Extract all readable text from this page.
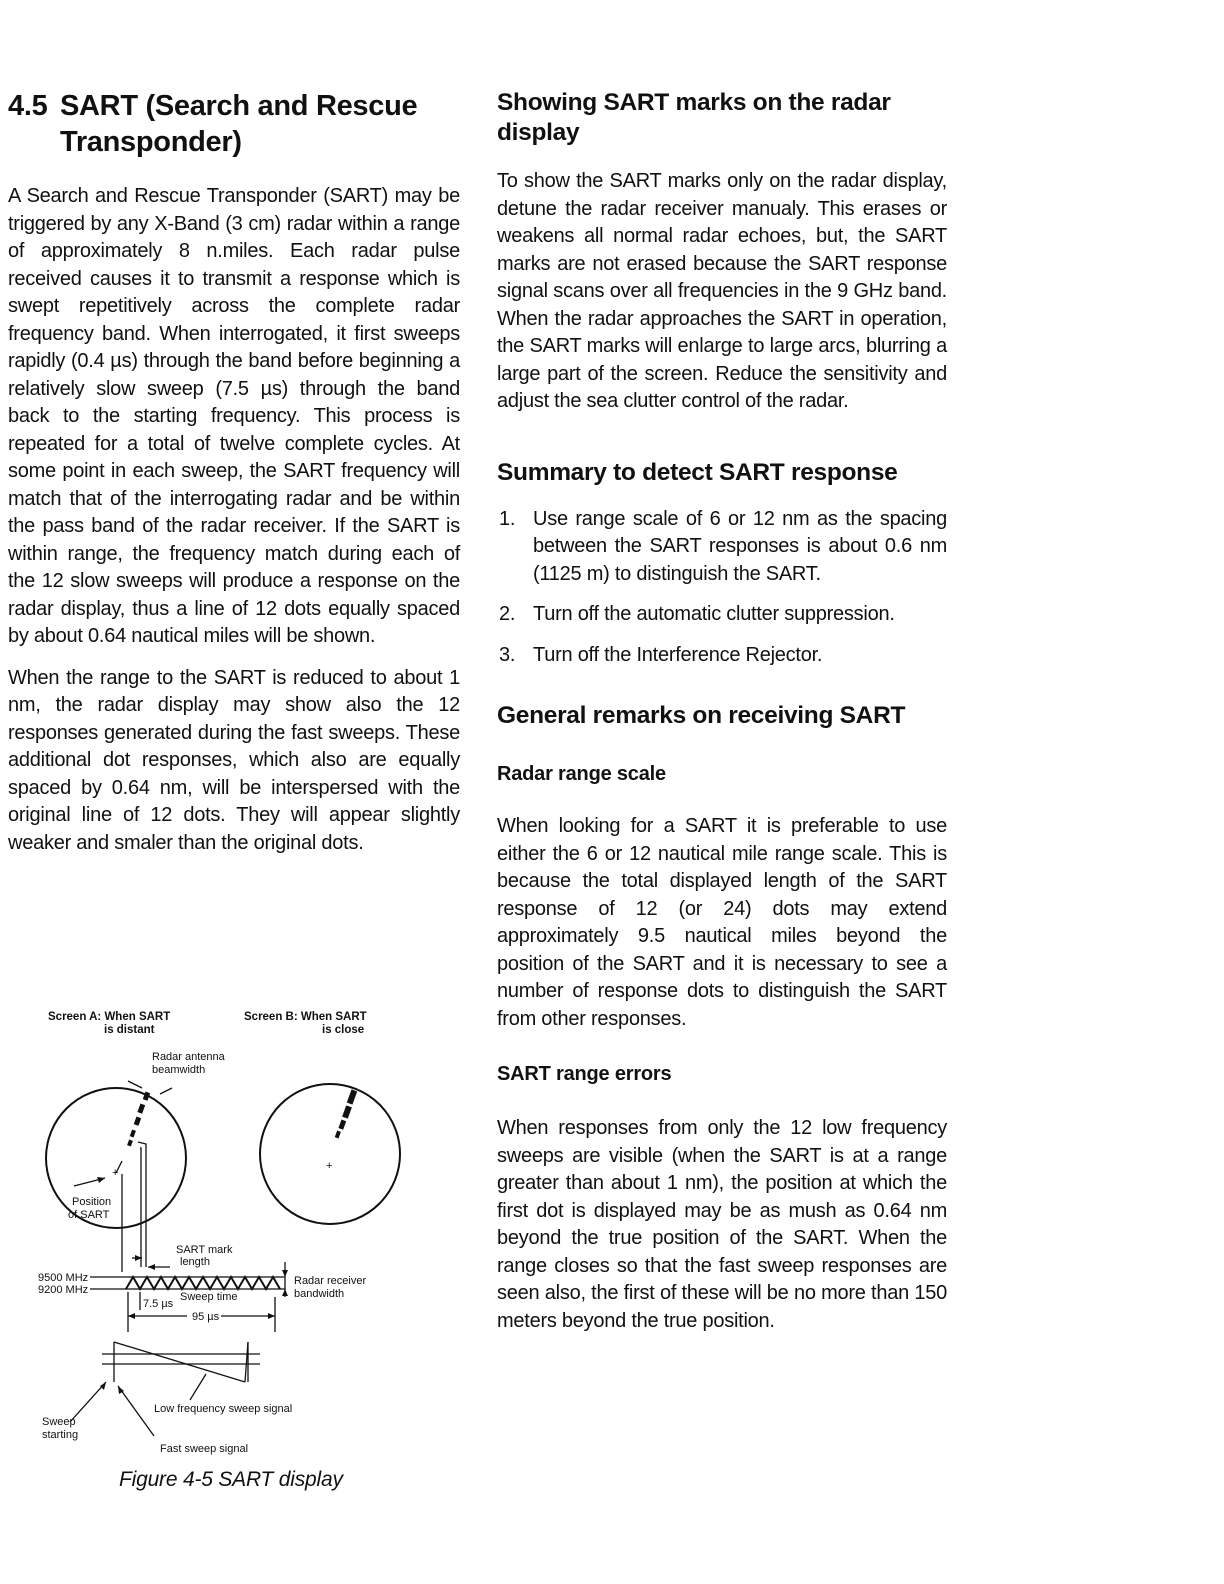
4.5 SART (Search and Rescue
Transponder)

A Search and Rescue Transponder (SART) may be triggered by any X-Band (3 cm) radar within a range of approximately 8 n.miles. Each radar pulse received causes it to transmit a response which is swept repetitively across the complete radar frequency band. When interrogated, it first sweeps rapidly (0.4 µs) through the band before beginning a relatively slow sweep (7.5 µs) through the band back to the starting frequency. This process is repeated for a total of twelve complete cycles. At some point in each sweep, the SART frequency will match that of the interrogating radar and be within the pass band of the radar receiver. If the SART is within range, the frequency match during each of the 12 slow sweeps will produce a response on the radar display, thus a line of 12 dots equally spaced by about 0.64 nautical miles will be shown.

When the range to the SART is reduced to about 1 nm, the radar display may show also the 12 responses generated during the fast sweeps. These additional dot responses, which also are equally spaced by 0.64 nm, will be interspersed with the original line of 12 dots. They will appear slightly weaker and smaler than the original dots.

Screen A: When SART
is distant
Screen B: When SART
is close
Radar antenna
beamwidth
+
Position
of SART
+
SART mark
length
9500 MHz
9200 MHz
Radar receiver
bandwidth
7.5 µs
Sweep time
95 µs
Low frequency sweep signal
Sweep
starting
Fast sweep signal
Figure 4-5 SART display
Showing SART marks on the radar
display

To show the SART marks only on the radar display, detune the radar receiver manualy. This erases or weakens all normal radar echoes, but, the SART marks are not erased because the SART response signal scans over all frequencies in the 9 GHz band. When the radar approaches the SART in operation, the SART marks will enlarge to large arcs, blurring a large part of the screen. Reduce the sensitivity and adjust the sea clutter control of the radar.

Summary to detect SART response
1. Use range scale of 6 or 12 nm as the spacing between the SART responses is about 0.6 nm (1125 m) to distinguish the SART.
2. Turn off the automatic clutter suppression.
3. Turn off the Interference Rejector.
General remarks on receiving SART
Radar range scale

When looking for a SART it is preferable to use either the 6 or 12 nautical mile range scale. This is because the total displayed length of the SART response of 12 (or 24) dots may extend approximately 9.5 nautical miles beyond the position of the SART and it is necessary to see a number of response dots to distinguish the SART from other responses.

SART range errors

When responses from only the 12 low frequency sweeps are visible (when the SART is at a range greater than about 1 nm), the position at which the first dot is displayed may be as mush as 0.64 nm beyond the true position of the SART. When the range closes so that the fast sweep responses are seen also, the first of these will be no more than 150 meters beyond the true position.
